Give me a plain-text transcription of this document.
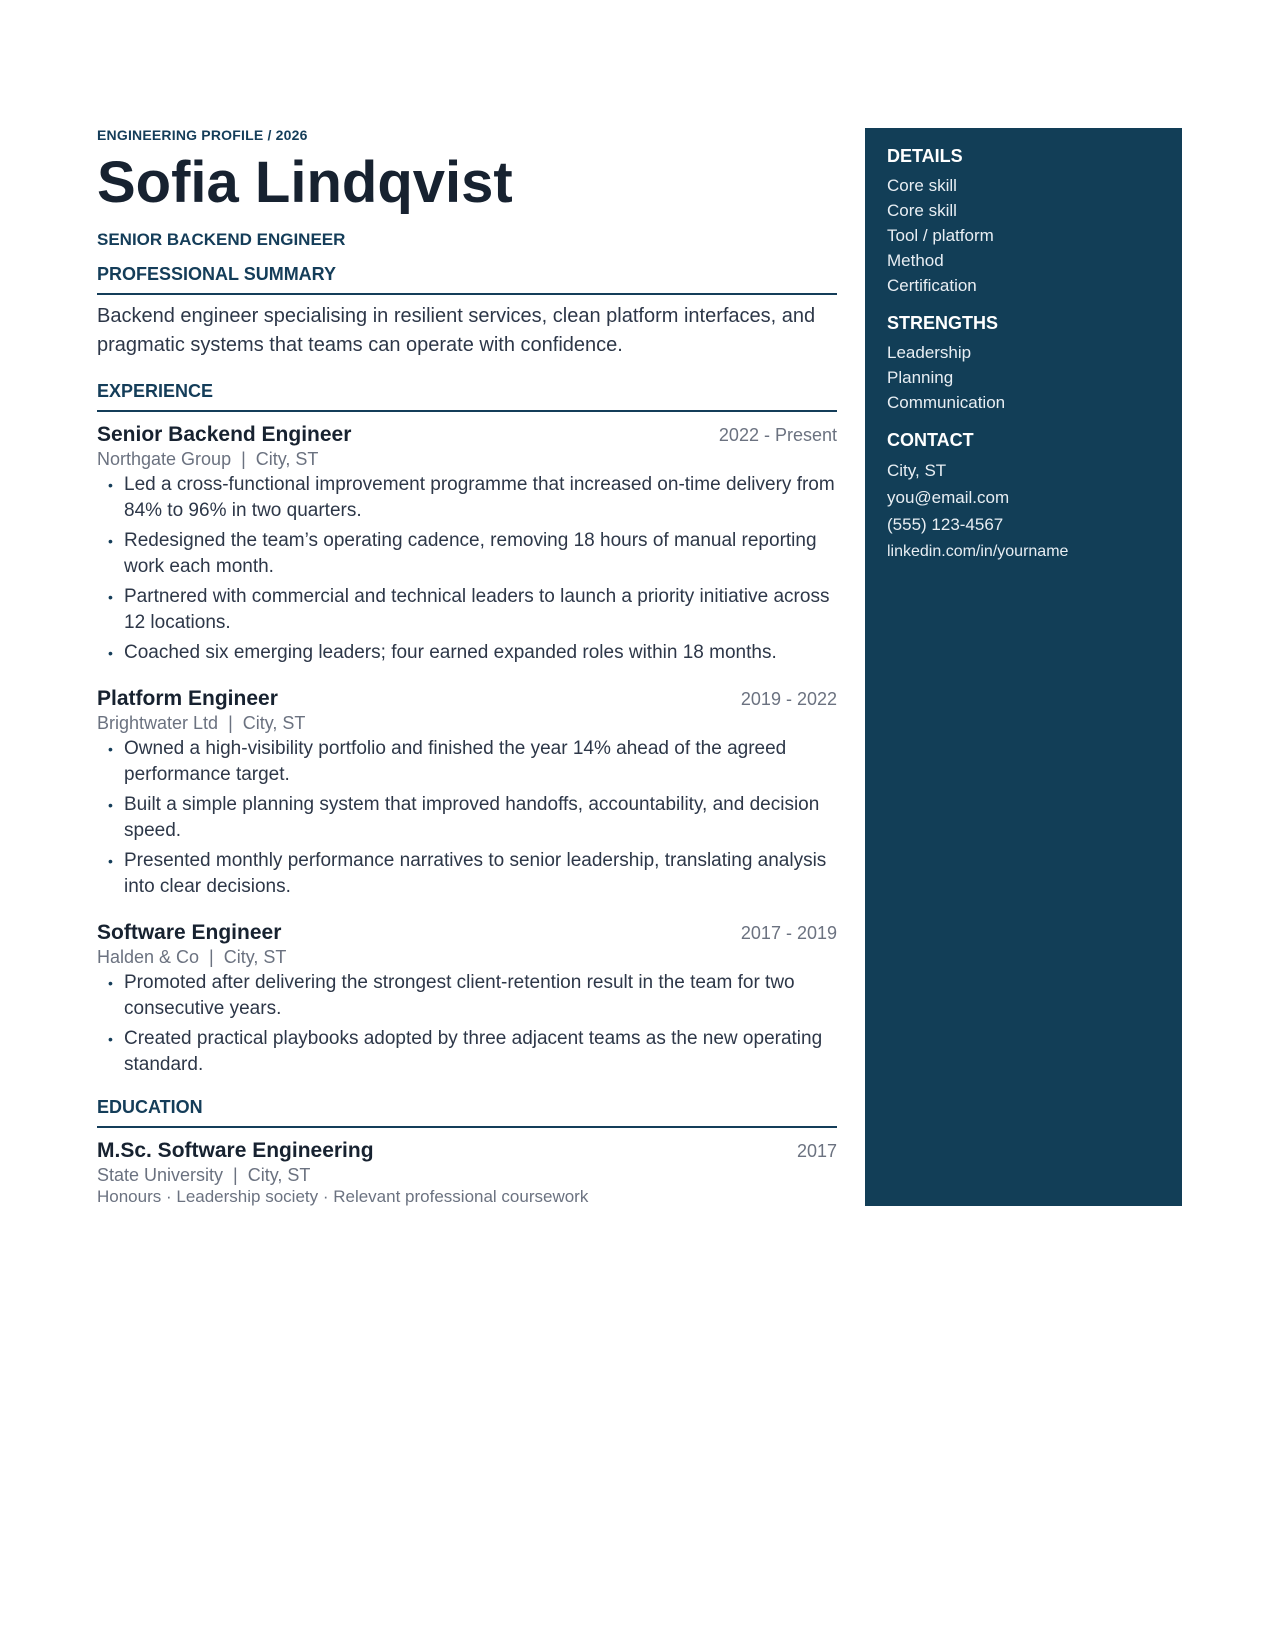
ENGINEERING PROFILE / 2026

Sofia Lindqvist

SENIOR BACKEND ENGINEER

PROFESSIONAL SUMMARY

Backend engineer specialising in resilient services, clean platform interfaces, and pragmatic systems that teams can operate with confidence.

EXPERIENCE
Senior Backend Engineer	2022 - Present
Northgate Group  |  City, ST
• Led a cross-functional improvement programme that increased on-time delivery from 84% to 96% in two quarters.
• Redesigned the team’s operating cadence, removing 18 hours of manual reporting work each month.
• Partnered with commercial and technical leaders to launch a priority initiative across 12 locations.
• Coached six emerging leaders; four earned expanded roles within 18 months.
Platform Engineer	2019 - 2022
Brightwater Ltd  |  City, ST
• Owned a high-visibility portfolio and finished the year 14% ahead of the agreed performance target.
• Built a simple planning system that improved handoffs, accountability, and decision speed.
• Presented monthly performance narratives to senior leadership, translating analysis into clear decisions.
Software Engineer	2017 - 2019
Halden & Co  |  City, ST
• Promoted after delivering the strongest client-retention result in the team for two consecutive years.
• Created practical playbooks adopted by three adjacent teams as the new operating standard.
EDUCATION
M.Sc. Software Engineering	2017
State University  |  City, ST
Honours · Leadership society · Relevant professional coursework
DETAILS
Core skill
Core skill
Tool / platform
Method
Certification
STRENGTHS
Leadership
Planning
Communication
CONTACT
City, ST
you@email.com
(555) 123-4567
linkedin.com/in/yourname
